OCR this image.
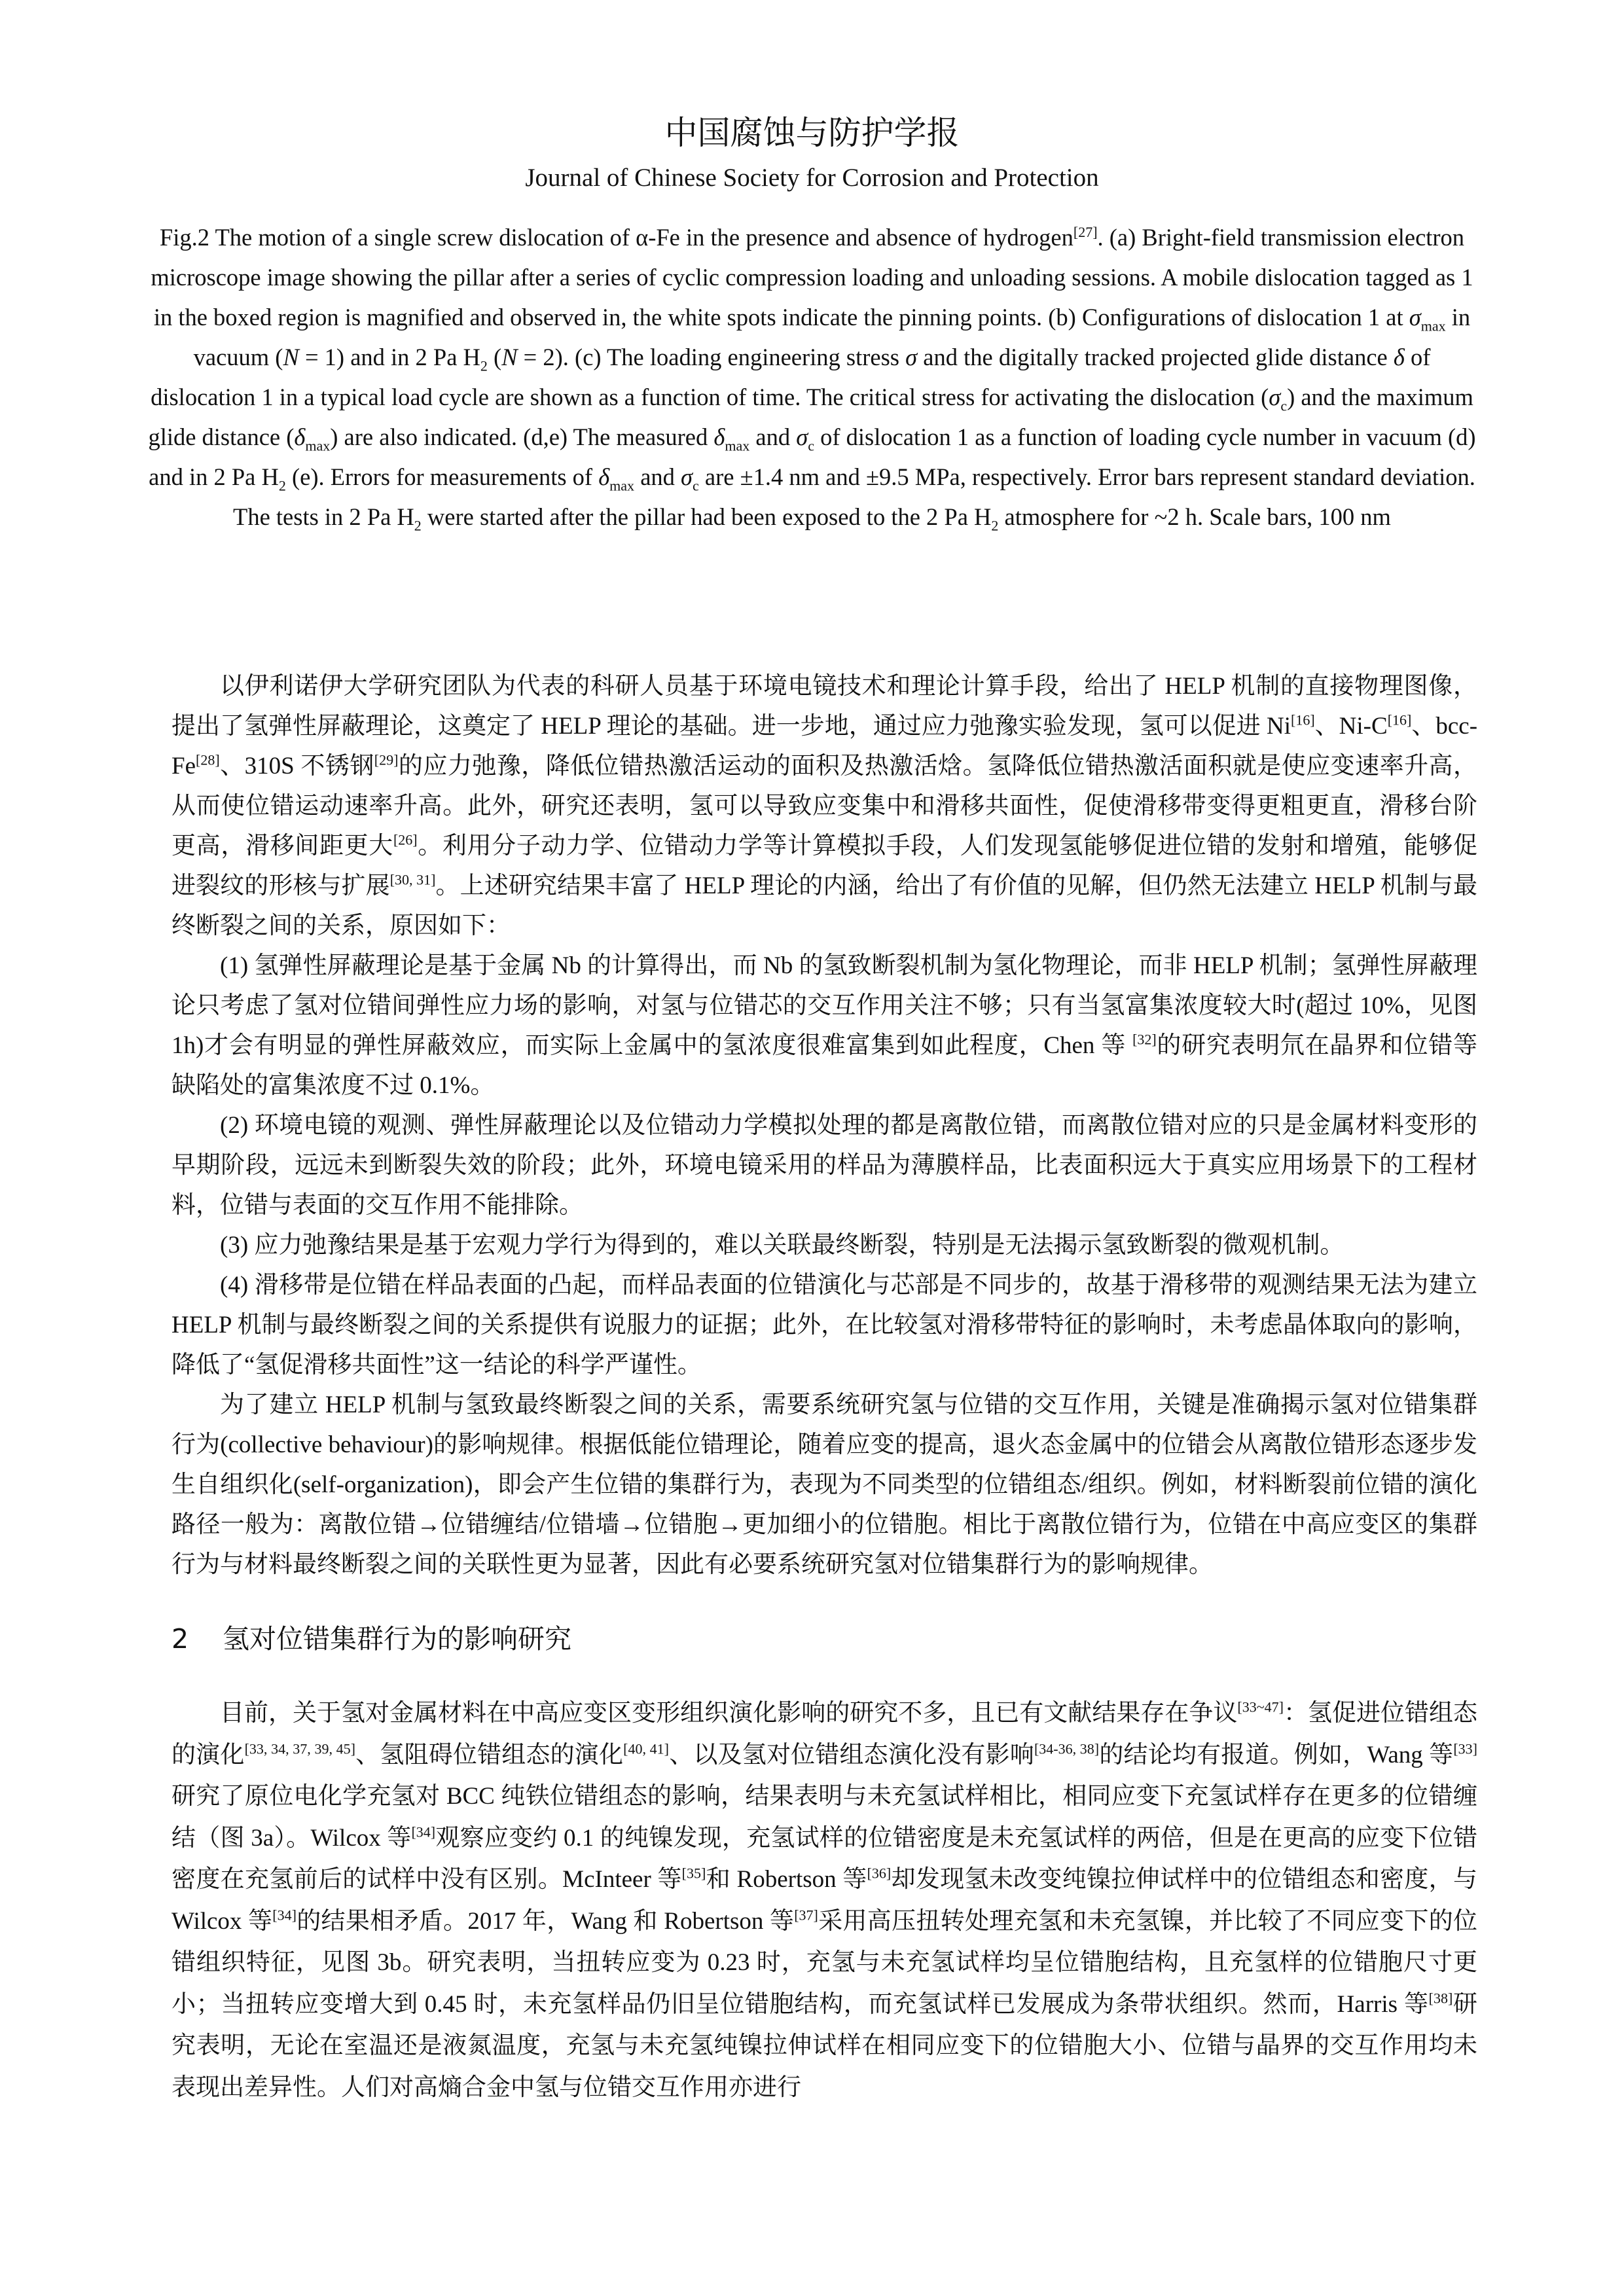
中国腐蚀与防护学报
Journal of Chinese Society for Corrosion and Protection
Fig.2 The motion of a single screw dislocation of α-Fe in the presence and absence of hydrogen[27]. (a) Bright-field transmission electron microscope image showing the pillar after a series of cyclic compression loading and unloading sessions. A mobile dislocation tagged as 1 in the boxed region is magnified and observed in, the white spots indicate the pinning points. (b) Configurations of dislocation 1 at $\sigma_{max}$ in vacuum (N = 1) and in 2 Pa $H_2$ (N = 2). (c) The loading engineering stress σ and the digitally tracked projected glide distance δ of dislocation 1 in a typical load cycle are shown as a function of time. The critical stress for activating the dislocation $(\sigma_c)$ and the maximum glide distance $(\delta_{max})$ are also indicated. (d,e) The measured $\delta_{max}$ and $\sigma_c$ of dislocation 1 as a function of loading cycle number in vacuum (d) and in 2 Pa $H_2$ (e). Errors for measurements of $\delta_{max}$ and $\sigma_c$ are ±1.4 nm and ±9.5 MPa, respectively. Error bars represent standard deviation. The tests in 2 Pa $H_2$ were started after the pillar had been exposed to the 2 Pa $H_2$ atmosphere for ~2 h. Scale bars, 100 nm

以伊利诺伊大学研究团队为代表的科研人员基于环境电镜技术和理论计算手段，给出了 HELP 机制的直接物理图像，提出了氢弹性屏蔽理论，这奠定了 HELP 理论的基础。进一步地，通过应力弛豫实验发现，氢可以促进 Ni[16]、Ni-C[16]、bcc-Fe[28]、310S 不锈钢[29]的应力弛豫，降低位错热激活运动的面积及热激活焓。氢降低位错热激活面积就是使应变速率升高，从而使位错运动速率升高。此外，研究还表明，氢可以导致应变集中和滑移共面性，促使滑移带变得更粗更直，滑移台阶更高，滑移间距更大[26]。利用分子动力学、位错动力学等计算模拟手段，人们发现氢能够促进位错的发射和增殖，能够促进裂纹的形核与扩展[30, 31]。上述研究结果丰富了 HELP 理论的内涵，给出了有价值的见解，但仍然无法建立 HELP 机制与最终断裂之间的关系，原因如下：

(1) 氢弹性屏蔽理论是基于金属 Nb 的计算得出，而 Nb 的氢致断裂机制为氢化物理论，而非 HELP 机制；氢弹性屏蔽理论只考虑了氢对位错间弹性应力场的影响，对氢与位错芯的交互作用关注不够；只有当氢富集浓度较大时(超过 10%，见图 1h)才会有明显的弹性屏蔽效应，而实际上金属中的氢浓度很难富集到如此程度，Chen 等 [32]的研究表明氘在晶界和位错等缺陷处的富集浓度不过 0.1%。

(2) 环境电镜的观测、弹性屏蔽理论以及位错动力学模拟处理的都是离散位错，而离散位错对应的只是金属材料变形的早期阶段，远远未到断裂失效的阶段；此外，环境电镜采用的样品为薄膜样品，比表面积远大于真实应用场景下的工程材料，位错与表面的交互作用不能排除。

(3) 应力弛豫结果是基于宏观力学行为得到的，难以关联最终断裂，特别是无法揭示氢致断裂的微观机制。

(4) 滑移带是位错在样品表面的凸起，而样品表面的位错演化与芯部是不同步的，故基于滑移带的观测结果无法为建立 HELP 机制与最终断裂之间的关系提供有说服力的证据；此外，在比较氢对滑移带特征的影响时，未考虑晶体取向的影响，降低了“氢促滑移共面性”这一结论的科学严谨性。

为了建立 HELP 机制与氢致最终断裂之间的关系，需要系统研究氢与位错的交互作用，关键是准确揭示氢对位错集群行为(collective behaviour)的影响规律。根据低能位错理论，随着应变的提高，退火态金属中的位错会从离散位错形态逐步发生自组织化(self-organization)，即会产生位错的集群行为，表现为不同类型的位错组态/组织。例如，材料断裂前位错的演化路径一般为：离散位错→位错缠结/位错墙→位错胞→更加细小的位错胞。相比于离散位错行为，位错在中高应变区的集群行为与材料最终断裂之间的关联性更为显著，因此有必要系统研究氢对位错集群行为的影响规律。

2 氢对位错集群行为的影响研究

目前，关于氢对金属材料在中高应变区变形组织演化影响的研究不多，且已有文献结果存在争议[33~47]：氢促进位错组态的演化[33, 34, 37, 39, 45]、氢阻碍位错组态的演化[40, 41]、以及氢对位错组态演化没有影响[34-36, 38]的结论均有报道。例如，Wang 等[33]研究了原位电化学充氢对 BCC 纯铁位错组态的影响，结果表明与未充氢试样相比，相同应变下充氢试样存在更多的位错缠结（图 3a）。Wilcox 等[34]观察应变约 0.1 的纯镍发现，充氢试样的位错密度是未充氢试样的两倍，但是在更高的应变下位错密度在充氢前后的试样中没有区别。McInteer 等[35]和 Robertson 等[36]却发现氢未改变纯镍拉伸试样中的位错组态和密度，与 Wilcox 等[34]的结果相矛盾。2017 年，Wang 和 Robertson 等[37]采用高压扭转处理充氢和未充氢镍，并比较了不同应变下的位错组织特征，见图 3b。研究表明，当扭转应变为 0.23 时，充氢与未充氢试样均呈位错胞结构，且充氢样的位错胞尺寸更小；当扭转应变增大到 0.45 时，未充氢样品仍旧呈位错胞结构，而充氢试样已发展成为条带状组织。然而，Harris 等[38]研究表明，无论在室温还是液氮温度，充氢与未充氢纯镍拉伸试样在相同应变下的位错胞大小、位错与晶界的交互作用均未表现出差异性。人们对高熵合金中氢与位错交互作用亦进行
